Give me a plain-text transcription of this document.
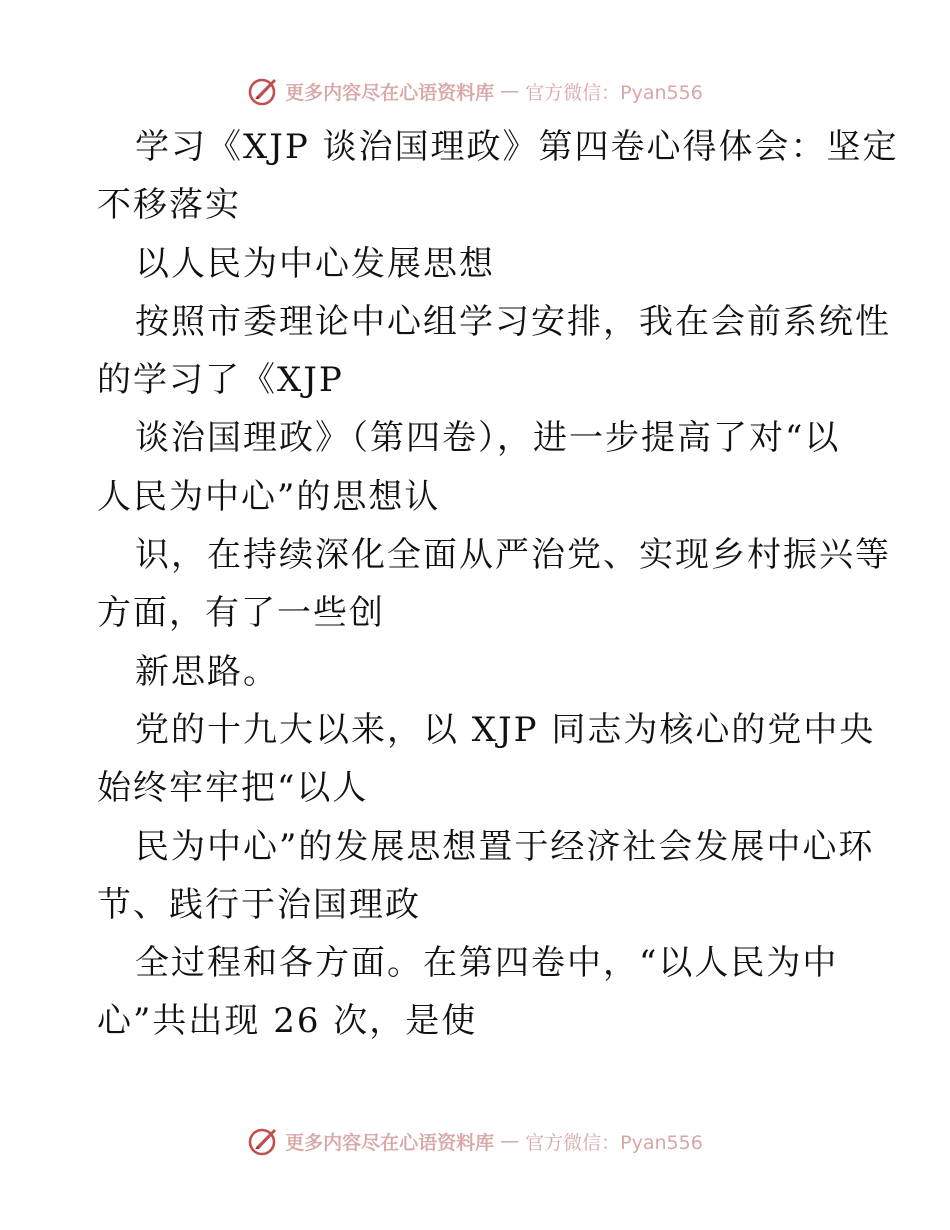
更多内容尽在心语资料库 — 官方微信：Pyan556
学习《XJP 谈治国理政》第四卷心得体会：坚定
不移落实
以人民为中心发展思想
按照市委理论中心组学习安排，我在会前系统性
的学习了《XJP
谈治国理政》（第四卷），进一步提高了对“以
人民为中心”的思想认
识，在持续深化全面从严治党、实现乡村振兴等
方面，有了一些创
新思路。
党的十九大以来，以 XJP 同志为核心的党中央
始终牢牢把“以人
民为中心”的发展思想置于经济社会发展中心环
节、践行于治国理政
全过程和各方面。在第四卷中，“以人民为中
心”共出现 26 次，是使
更多内容尽在心语资料库 — 官方微信：Pyan556
